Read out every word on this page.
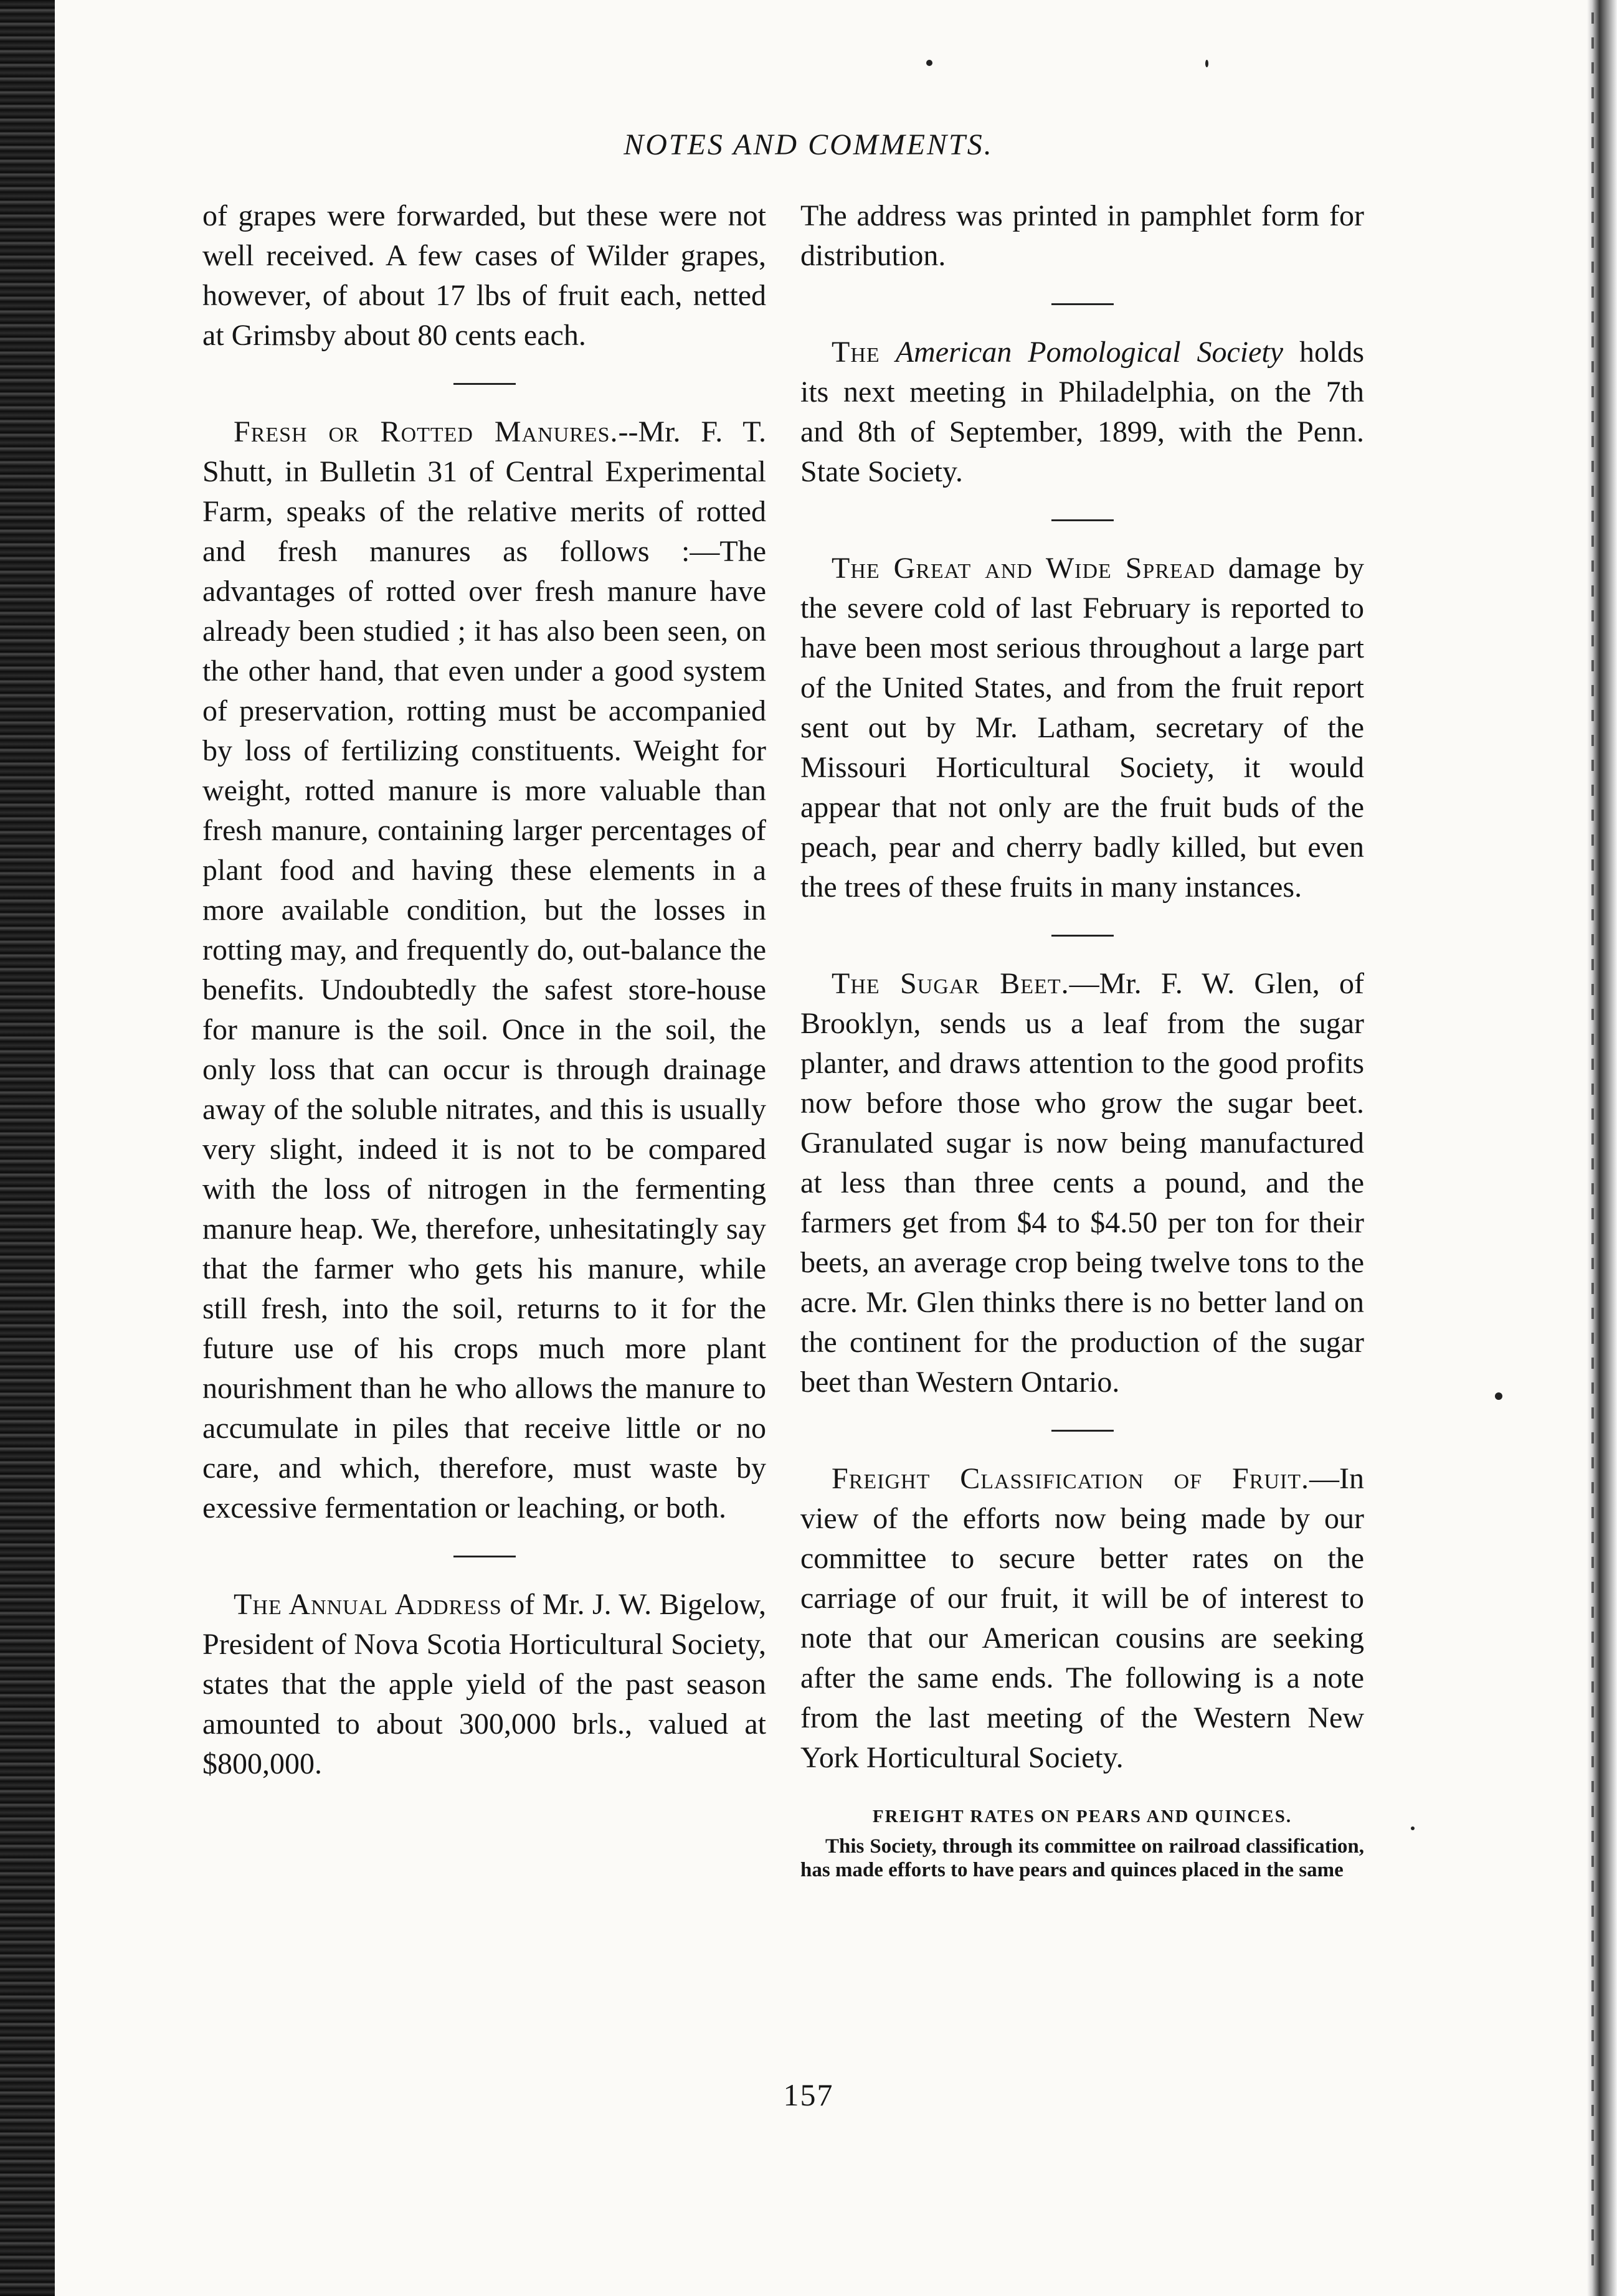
NOTES AND COMMENTS.

of grapes were forwarded, but these were not well received. A few cases of Wilder grapes, however, of about 17 lbs of fruit each, netted at Grimsby about 80 cents each.

Fresh or Rotted Manures.--Mr. F. T. Shutt, in Bulletin 31 of Central Experimental Farm, speaks of the relative merits of rotted and fresh manures as follows :—The advantages of rotted over fresh manure have already been studied ; it has also been seen, on the other hand, that even under a good system of preservation, rotting must be accompanied by loss of fertilizing constituents. Weight for weight, rotted manure is more valuable than fresh manure, containing larger percentages of plant food and having these elements in a more available condition, but the losses in rotting may, and frequently do, out-balance the benefits. Undoubtedly the safest store-house for manure is the soil. Once in the soil, the only loss that can occur is through drainage away of the soluble nitrates, and this is usually very slight, indeed it is not to be compared with the loss of nitrogen in the fermenting manure heap. We, therefore, unhesitatingly say that the farmer who gets his manure, while still fresh, into the soil, returns to it for the future use of his crops much more plant nourishment than he who allows the manure to accumulate in piles that receive little or no care, and which, therefore, must waste by excessive fermentation or leaching, or both.

The Annual Address of Mr. J. W. Bigelow, President of Nova Scotia Horticultural Society, states that the apple yield of the past season amounted to about 300,000 brls., valued at $800,000.

The address was printed in pamphlet form for distribution.

The American Pomological Society holds its next meeting in Philadelphia, on the 7th and 8th of September, 1899, with the Penn. State Society.

The Great and Wide Spread damage by the severe cold of last February is reported to have been most serious throughout a large part of the United States, and from the fruit report sent out by Mr. Latham, secretary of the Missouri Horticultural Society, it would appear that not only are the fruit buds of the peach, pear and cherry badly killed, but even the trees of these fruits in many instances.

The Sugar Beet.—Mr. F. W. Glen, of Brooklyn, sends us a leaf from the sugar planter, and draws attention to the good profits now before those who grow the sugar beet. Granulated sugar is now being manufactured at less than three cents a pound, and the farmers get from $4 to $4.50 per ton for their beets, an average crop being twelve tons to the acre. Mr. Glen thinks there is no better land on the continent for the production of the sugar beet than Western Ontario.

Freight Classification of Fruit.—In view of the efforts now being made by our committee to secure better rates on the carriage of our fruit, it will be of interest to note that our American cousins are seeking after the same ends. The following is a note from the last meeting of the Western New York Horticultural Society.

FREIGHT RATES ON PEARS AND QUINCES.

This Society, through its committee on railroad classification, has made efforts to have pears and quinces placed in the same

157
